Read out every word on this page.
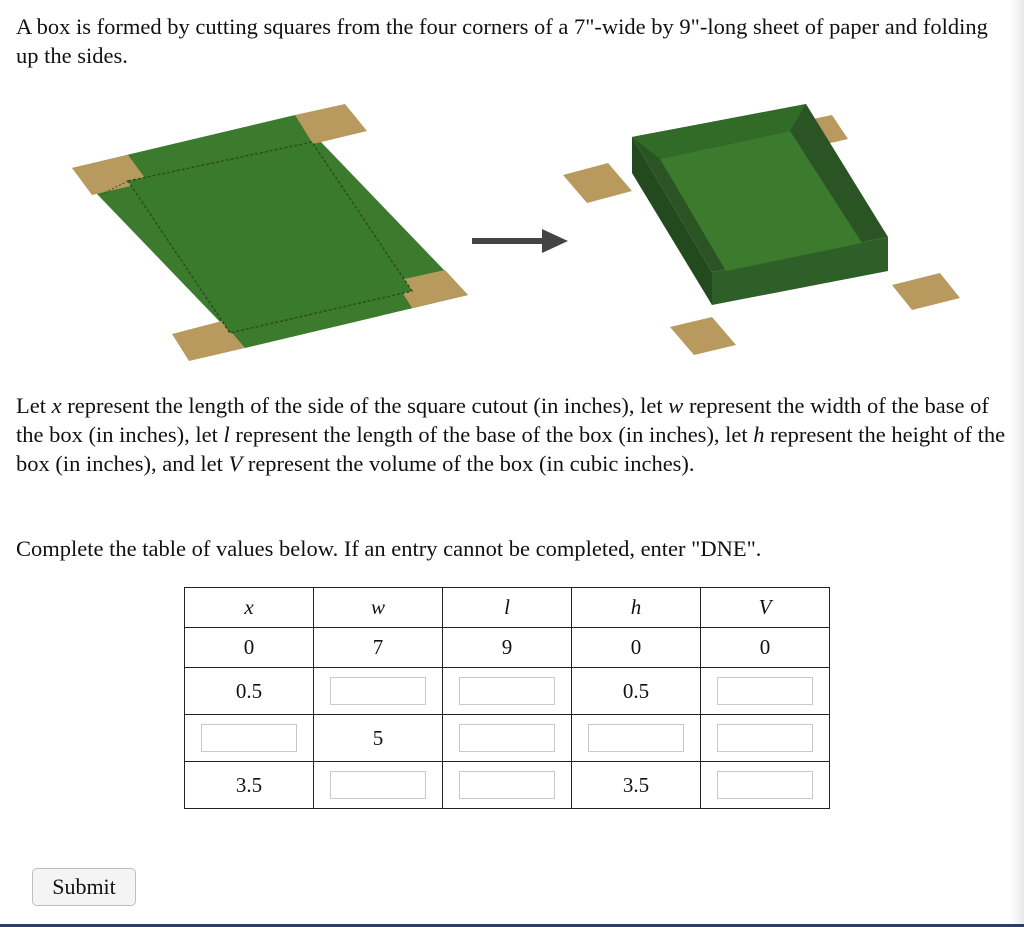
A box is formed by cutting squares from the four corners of a 7"-wide by 9"-long sheet of paper and folding up the sides.

Let x represent the length of the side of the square cutout (in inches), let w represent the width of the base of the box (in inches), let l represent the length of the base of the box (in inches), let h represent the height of the box (in inches), and let V represent the volume of the box (in cubic inches).

Complete the table of values below. If an entry cannot be completed, enter "DNE".

x	w	l	h	V
0	7	9	0	0
0.5			0.5	

	5	

3.5			3.5	
Submit
